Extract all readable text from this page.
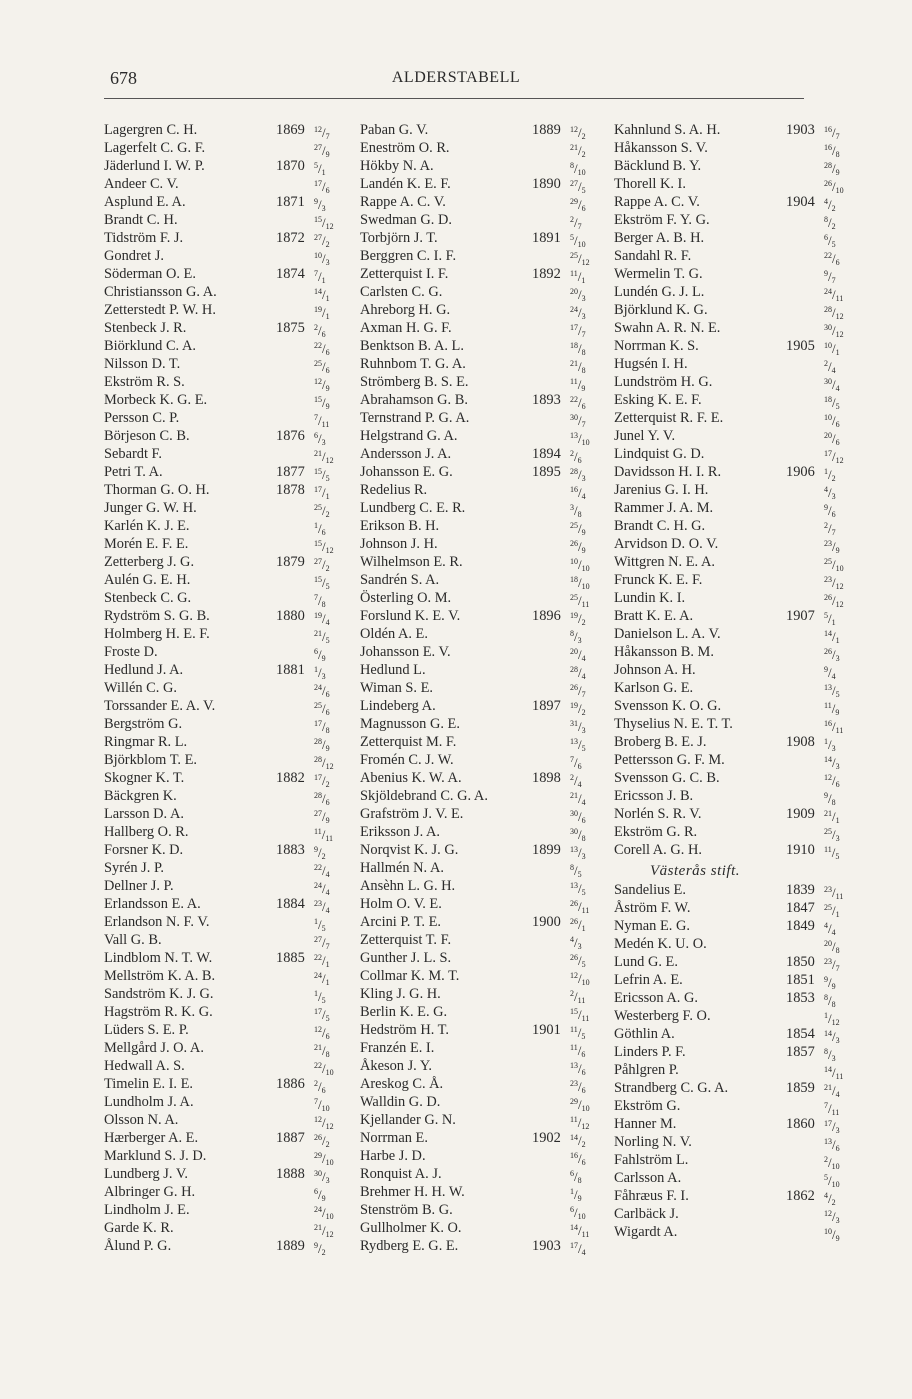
678	ALDERSTABELL
Lagergren C. H.	1869 $^{12}/_7$
Lagerfelt C. G. F.	$^{27}/_9$
Jäderlund I. W. P.	1870 $^5/_1$
Andeer C. V.	$^{17}/_6$
Asplund E. A.	1871 $^9/_3$
Brandt C. H.	$^{15}/_{12}$
Tidström F. J.	1872 $^{27}/_2$
Gondret J.	$^{10}/_3$
Söderman O. E.	1874 $^7/_1$
Christiansson G. A.	$^{14}/_1$
Zetterstedt P. W. H.	$^{19}/_1$
Stenbeck J. R.	1875 $^2/_6$
Biörklund C. A.	$^{22}/_6$
Nilsson D. T.	$^{25}/_6$
Ekström R. S.	$^{12}/_9$
Morbeck K. G. E.	$^{15}/_9$
Persson C. P.	$^7/_{11}$
Börjeson C. B.	1876 $^6/_3$
Sebardt F.	$^{21}/_{12}$
Petri T. A.	1877 $^{15}/_5$
Thorman G. O. H.	1878 $^{17}/_1$
Junger G. W. H.	$^{25}/_2$
Karlén K. J. E.	$^1/_6$
Morén E. F. E.	$^{15}/_{12}$
Zetterberg J. G.	1879 $^{27}/_2$
Aulén G. E. H.	$^{15}/_5$
Stenbeck C. G.	$^7/_8$
Rydström S. G. B.	1880 $^{19}/_4$
Holmberg H. E. F.	$^{21}/_5$
Froste D.	$^6/_9$
Hedlund J. A.	1881 $^1/_3$
Willén C. G.	$^{24}/_6$
Torssander E. A. V.	$^{25}/_6$
Bergström G.	$^{17}/_8$
Ringmar R. L.	$^{28}/_9$
Björkblom T. E.	$^{28}/_{12}$
Skogner K. T.	1882 $^{17}/_2$
Bäckgren K.	$^{28}/_6$
Larsson D. A.	$^{27}/_9$
Hallberg O. R.	$^{11}/_{11}$
Forsner K. D.	1883 $^9/_2$
Syrén J. P.	$^{22}/_4$
Dellner J. P.	$^{24}/_4$
Erlandsson E. A.	1884 $^{23}/_4$
Erlandson N. F. V.	$^1/_5$
Vall G. B.	$^{27}/_7$
Lindblom N. T. W.	1885 $^{22}/_1$
Mellström K. A. B.	$^{24}/_1$
Sandström K. J. G.	$^1/_5$
Hagström R. K. G.	$^{17}/_5$
Lüders S. E. P.	$^{12}/_6$
Mellgård J. O. A.	$^{21}/_8$
Hedwall A. S.	$^{22}/_{10}$
Timelin E. I. E.	1886 $^2/_6$
Lundholm J. A.	$^7/_{10}$
Olsson N. A.	$^{12}/_{12}$
Hærberger A. E.	1887 $^{26}/_2$
Marklund S. J. D.	$^{29}/_{10}$
Lundberg J. V.	1888 $^{30}/_3$
Albringer G. H.	$^6/_9$
Lindholm J. E.	$^{24}/_{10}$
Garde K. R.	$^{21}/_{12}$
Ålund P. G.	1889 $^9/_2$
Paban G. V.	1889 $^{12}/_2$
Eneström O. R.	$^{21}/_2$
Hökby N. A.	$^8/_{10}$
Landén K. E. F.	1890 $^{27}/_5$
Rappe A. C. V.	$^{29}/_6$
Swedman G. D.	$^2/_7$
Torbjörn J. T.	1891 $^5/_{10}$
Berggren C. I. F.	$^{25}/_{12}$
Zetterquist I. F.	1892 $^{11}/_1$
Carlsten C. G.	$^{20}/_3$
Ahreborg H. G.	$^{24}/_3$
Axman H. G. F.	$^{17}/_7$
Benktson B. A. L.	$^{18}/_8$
Ruhnbom T. G. A.	$^{21}/_8$
Strömberg B. S. E.	$^{11}/_9$
Abrahamson G. B.	1893 $^{22}/_6$
Ternstrand P. G. A.	$^{30}/_7$
Helgstrand G. A.	$^{13}/_{10}$
Andersson J. A.	1894 $^2/_6$
Johansson E. G.	1895 $^{28}/_3$
Redelius R.	$^{16}/_4$
Lundberg C. E. R.	$^3/_8$
Erikson B. H.	$^{25}/_9$
Johnson J. H.	$^{26}/_9$
Wilhelmson E. R.	$^{10}/_{10}$
Sandrén S. A.	$^{18}/_{10}$
Österling O. M.	$^{25}/_{11}$
Forslund K. E. V.	1896 $^{19}/_2$
Oldén A. E.	$^8/_3$
Johansson E. V.	$^{20}/_4$
Hedlund L.	$^{28}/_4$
Wiman S. E.	$^{26}/_7$
Lindeberg A.	1897 $^{19}/_2$
Magnusson G. E.	$^{31}/_3$
Zetterquist M. F.	$^{13}/_5$
Fromén C. J. W.	$^7/_6$
Abenius K. W. A.	1898 $^2/_4$
Skjöldebrand C. G. A.	$^{21}/_4$
Grafström J. V. E.	$^{30}/_6$
Eriksson J. A.	$^{30}/_8$
Norqvist K. J. G.	1899 $^{13}/_3$
Hallmén N. A.	$^8/_5$
Ansèhn L. G. H.	$^{13}/_5$
Holm O. V. E.	$^{26}/_{11}$
Arcini P. T. E.	1900 $^{26}/_1$
Zetterquist T. F.	$^4/_3$
Gunther J. L. S.	$^{26}/_5$
Collmar K. M. T.	$^{12}/_{10}$
Kling J. G. H.	$^2/_{11}$
Berlin K. E. G.	$^{15}/_{11}$
Hedström H. T.	1901 $^{11}/_5$
Franzén E. I.	$^{11}/_6$
Åkeson J. Y.	$^{13}/_6$
Areskog C. Å.	$^{23}/_6$
Walldin G. D.	$^{29}/_{10}$
Kjellander G. N.	$^{11}/_{12}$
Norrman E.	1902 $^{14}/_2$
Harbe J. D.	$^{16}/_6$
Ronquist A. J.	$^6/_8$
Brehmer H. H. W.	$^1/_9$
Stenström B. G.	$^6/_{10}$
Gullholmer K. O.	$^{14}/_{11}$
Rydberg E. G. E.	1903 $^{17}/_4$
Kahnlund S. A. H.	1903 $^{16}/_7$
Håkansson S. V.	$^{16}/_8$
Bäcklund B. Y.	$^{28}/_9$
Thorell K. I.	$^{26}/_{10}$
Rappe A. C. V.	1904 $^4/_2$
Ekström F. Y. G.	$^8/_2$
Berger A. B. H.	$^6/_5$
Sandahl R. F.	$^{22}/_6$
Wermelin T. G.	$^9/_7$
Lundén G. J. L.	$^{24}/_{11}$
Björklund K. G.	$^{28}/_{12}$
Swahn A. R. N. E.	$^{30}/_{12}$
Norrman K. S.	1905 $^{10}/_1$
Hugsén I. H.	$^2/_4$
Lundström H. G.	$^{30}/_4$
Esking K. E. F.	$^{18}/_5$
Zetterquist R. F. E.	$^{10}/_6$
Junel Y. V.	$^{20}/_6$
Lindquist G. D.	$^{17}/_{12}$
Davidsson H. I. R.	1906 $^1/_2$
Jarenius G. I. H.	$^4/_3$
Rammer J. A. M.	$^9/_6$
Brandt C. H. G.	$^2/_7$
Arvidson D. O. V.	$^{23}/_9$
Wittgren N. E. A.	$^{25}/_{10}$
Frunck K. E. F.	$^{23}/_{12}$
Lundin K. I.	$^{26}/_{12}$
Bratt K. E. A.	1907 $^5/_1$
Danielson L. A. V.	$^{14}/_1$
Håkansson B. M.	$^{26}/_3$
Johnson A. H.	$^9/_4$
Karlson G. E.	$^{13}/_5$
Svensson K. O. G.	$^{11}/_9$
Thyselius N. E. T. T.	$^{16}/_{11}$
Broberg B. E. J.	1908 $^1/_3$
Pettersson G. F. M.	$^{14}/_3$
Svensson G. C. B.	$^{12}/_6$
Ericsson J. B.	$^9/_8$
Norlén S. R. V.	1909 $^{21}/_1$
Ekström G. R.	$^{25}/_3$
Corell A. G. H.	1910 $^{11}/_5$
Västerås stift.
Sandelius E.	1839 $^{23}/_{11}$
Åström F. W.	1847 $^{25}/_1$
Nyman E. G.	1849 $^4/_4$
Medén K. U. O.	$^{20}/_8$
Lund G. E.	1850 $^{23}/_7$
Lefrin A. E.	1851 $^9/_9$
Ericsson A. G.	1853 $^8/_8$
Westerberg F. O.	$^1/_{12}$
Göthlin A.	1854 $^{14}/_3$
Linders P. F.	1857 $^8/_3$
Påhlgren P.	$^{14}/_{11}$
Strandberg C. G. A.	1859 $^{21}/_4$
Ekström G.	$^7/_{11}$
Hanner M.	1860 $^{17}/_3$
Norling N. V.	$^{13}/_6$
Fahlström L.	$^2/_{10}$
Carlsson A.	$^5/_{10}$
Fåhræus F. I.	1862 $^4/_2$
Carlbäck J.	$^{12}/_3$
Wigardt A.	$^{10}/_9$
